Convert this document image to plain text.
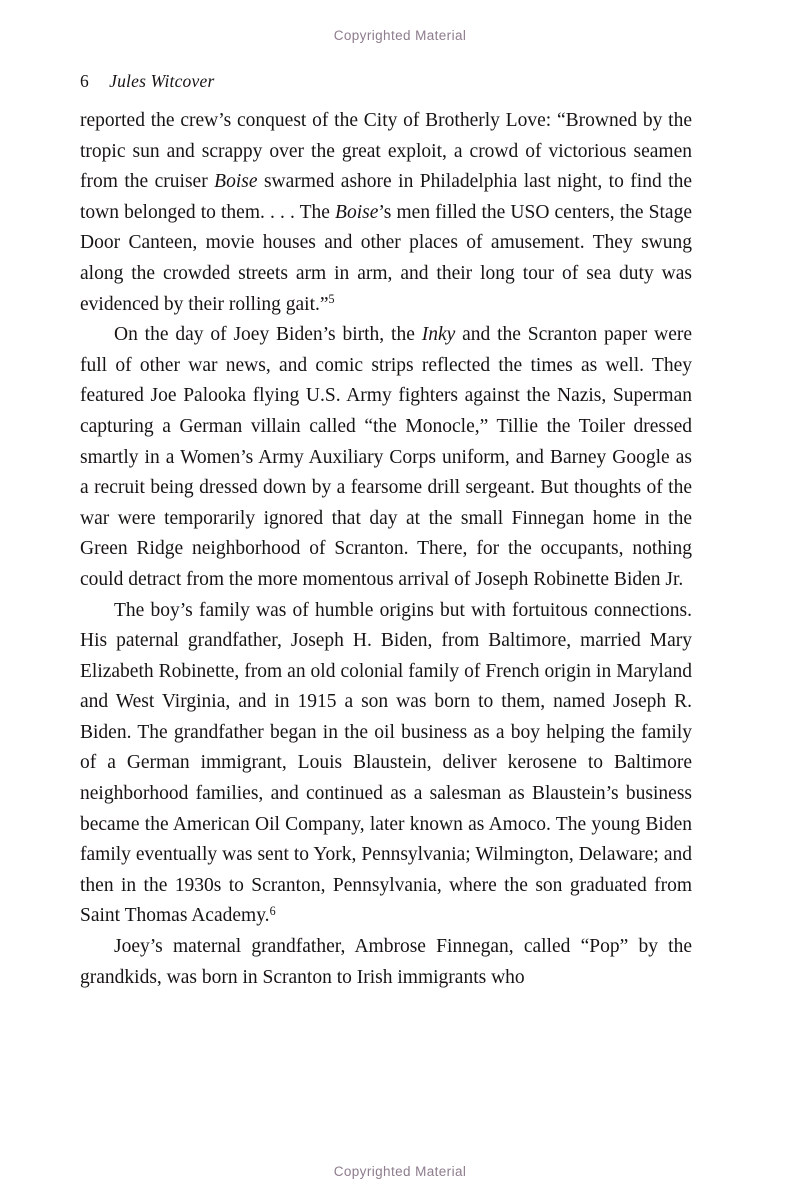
Copyrighted Material
6 Jules Witcover

reported the crew’s conquest of the City of Brotherly Love: “Browned by the tropic sun and scrappy over the great exploit, a crowd of victorious seamen from the cruiser Boise swarmed ashore in Philadelphia last night, to find the town belonged to them. . . . The Boise’s men filled the USO centers, the Stage Door Canteen, movie houses and other places of amusement. They swung along the crowded streets arm in arm, and their long tour of sea duty was evidenced by their rolling gait.”$^5$

On the day of Joey Biden’s birth, the Inky and the Scranton paper were full of other war news, and comic strips reflected the times as well. They featured Joe Palooka flying U.S. Army fighters against the Nazis, Superman capturing a German villain called “the Monocle,” Tillie the Toiler dressed smartly in a Women’s Army Auxiliary Corps uniform, and Barney Google as a recruit being dressed down by a fearsome drill sergeant. But thoughts of the war were temporarily ignored that day at the small Finnegan home in the Green Ridge neighborhood of Scranton. There, for the occupants, nothing could detract from the more momentous arrival of Joseph Robinette Biden Jr.

The boy’s family was of humble origins but with fortuitous connections. His paternal grandfather, Joseph H. Biden, from Baltimore, married Mary Elizabeth Robinette, from an old colonial family of French origin in Maryland and West Virginia, and in 1915 a son was born to them, named Joseph R. Biden. The grandfather began in the oil business as a boy helping the family of a German immigrant, Louis Blaustein, deliver kerosene to Baltimore neighborhood families, and continued as a salesman as Blaustein’s business became the American Oil Company, later known as Amoco. The young Biden family eventually was sent to York, Pennsylvania; Wilmington, Delaware; and then in the 1930s to Scranton, Pennsylvania, where the son graduated from Saint Thomas Academy.$^6$

Joey’s maternal grandfather, Ambrose Finnegan, called “Pop” by the grandkids, was born in Scranton to Irish immigrants who

Copyrighted Material
